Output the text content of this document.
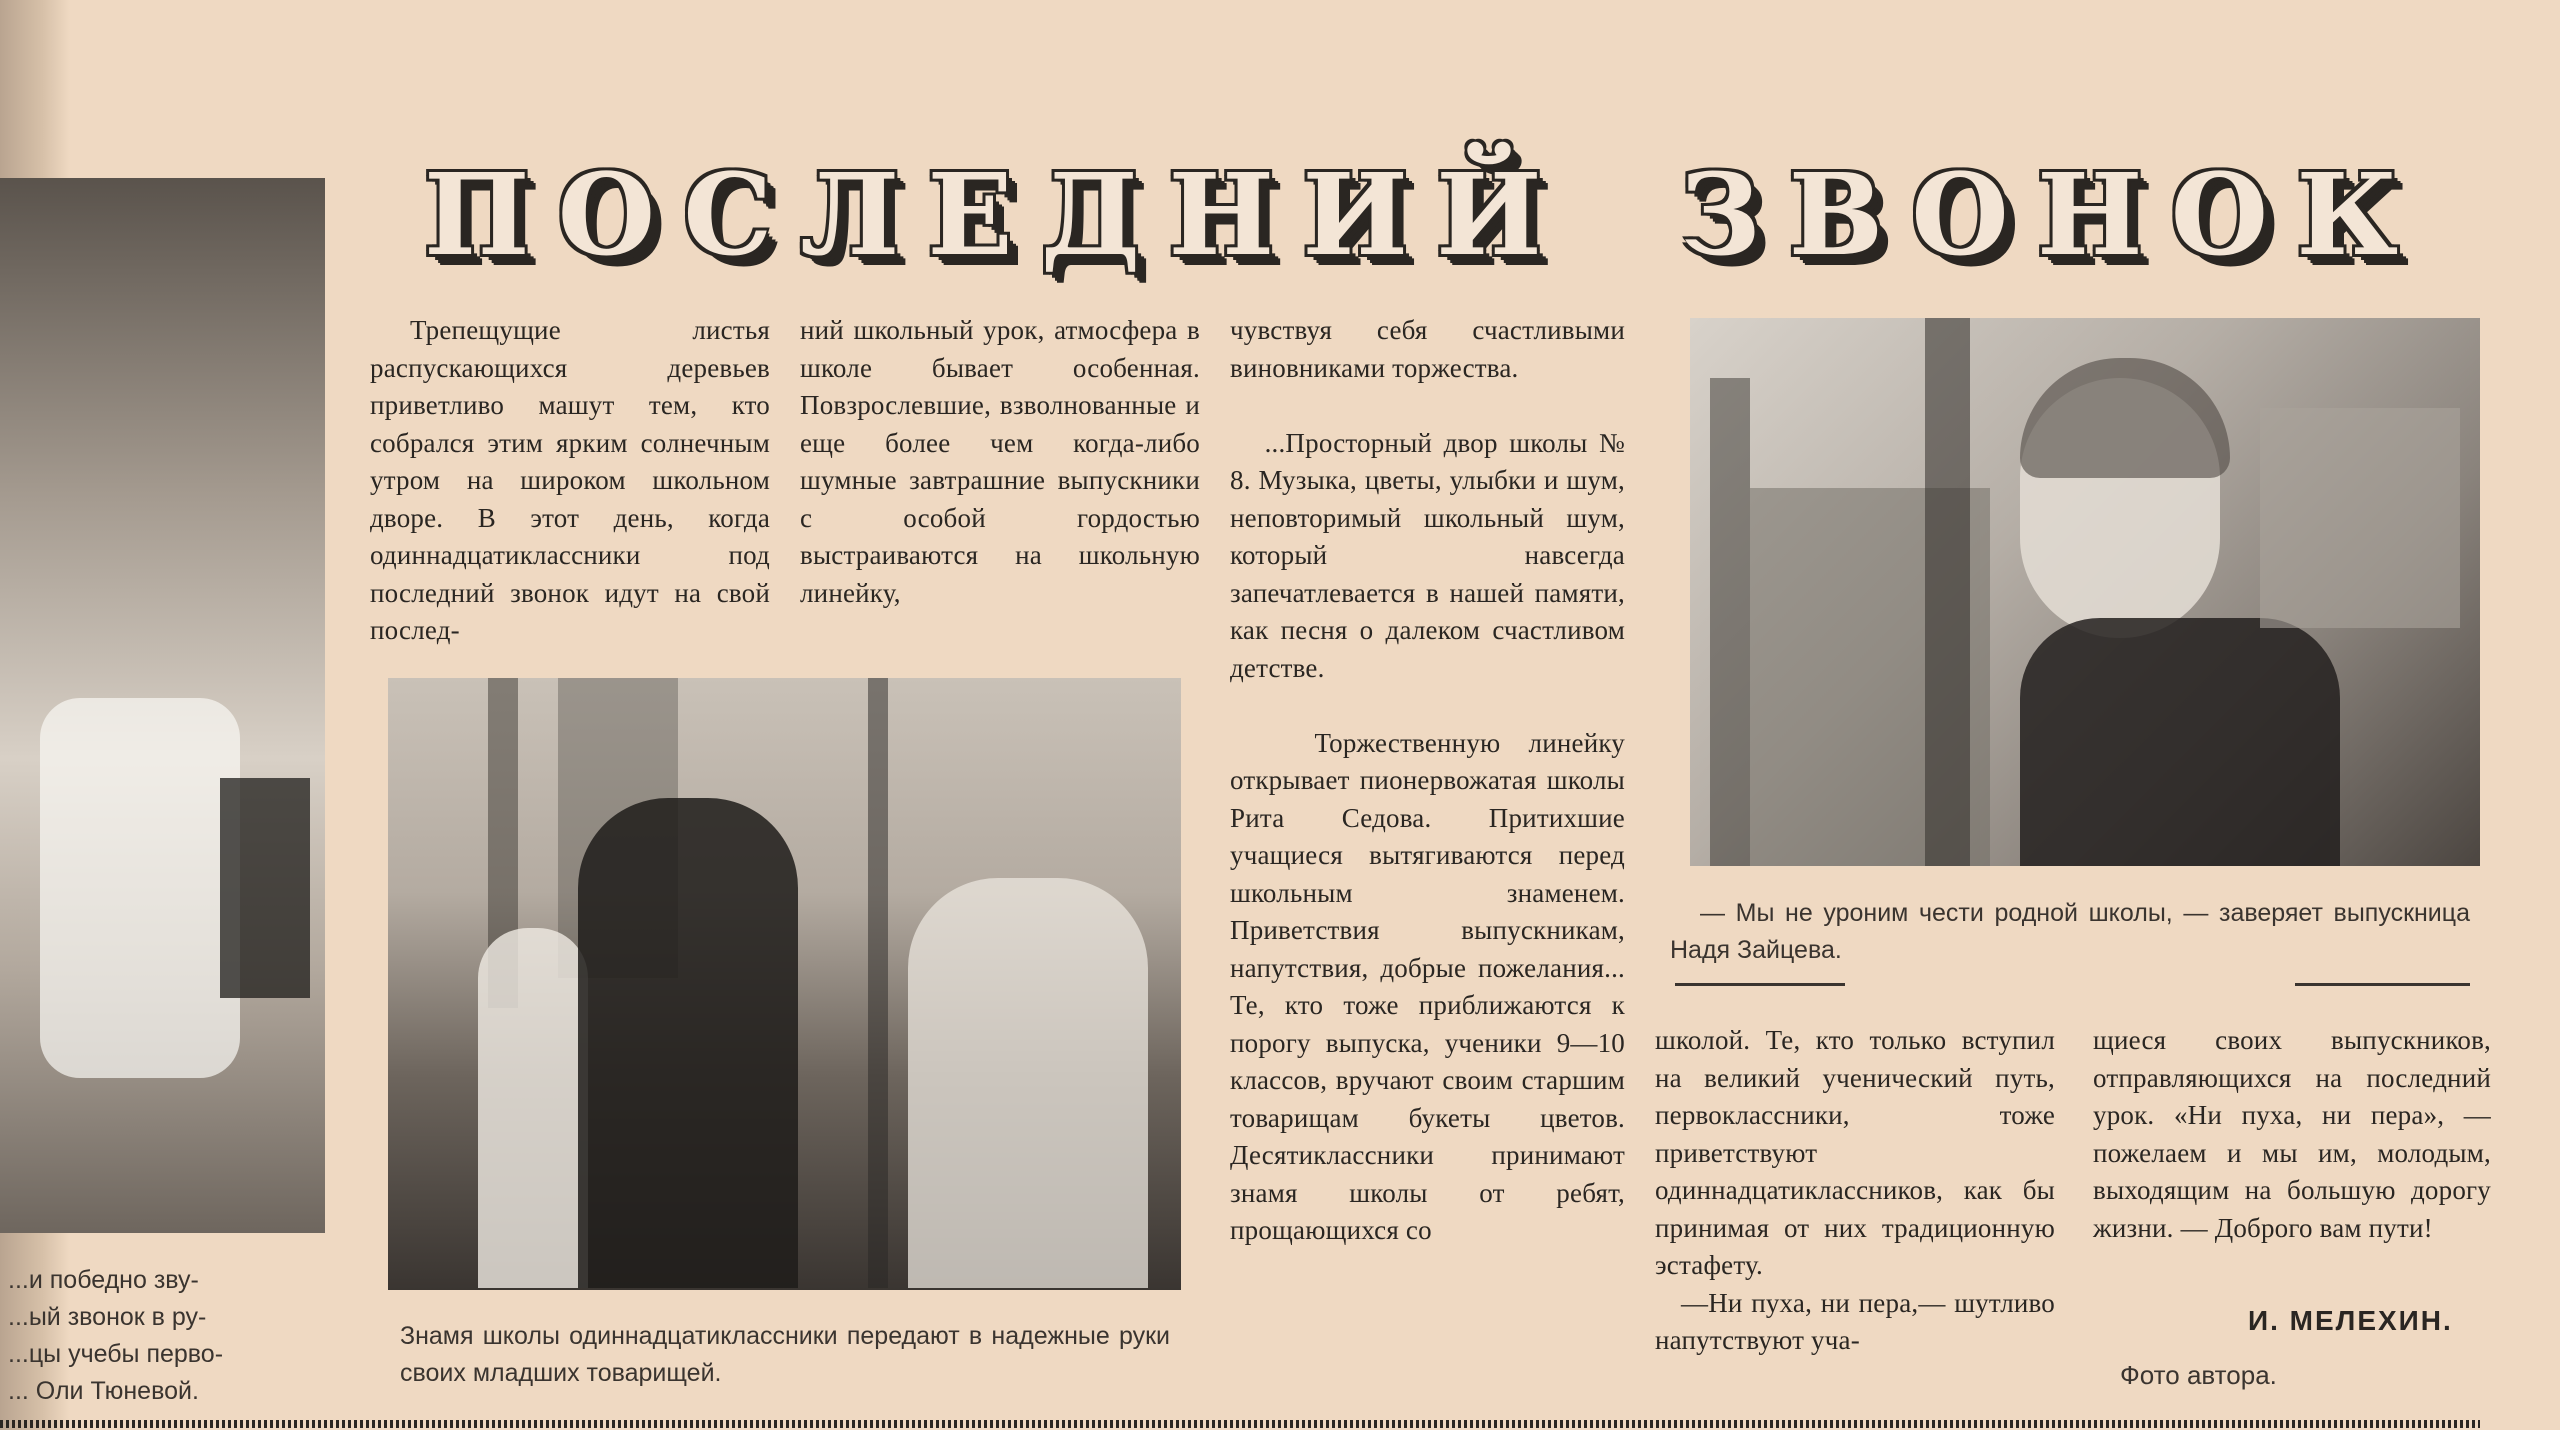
...и победно зву-
...ый звонок в ру-
...цы учебы перво-
... Оли Тюневой.
ПОСЛЕДНИЙ ЗВОНОК
Трепещущие листья распускающихся деревьев приветливо машут тем, кто собрался этим ярким солнечным утром на широком школьном дворе. В этот день, когда одиннадцатиклассники под последний звонок идут на свой послед-
ний школьный урок, атмосфера в школе бывает особенная. Повзрослевшие, взволнованные и еще более чем когда-либо шумные завтрашние выпускники с особой гордостью выстраиваются на школьную линейку,
чувствуя себя счастливыми виновниками торжества.

...Просторный двор школы № 8. Музыка, цветы, улыбки и шум, неповторимый школьный шум, который навсегда запечатлевается в нашей памяти, как песня о далеком счастливом детстве.

Торжественную линейку открывает пионервожатая школы Рита Седова. Притихшие учащиеся вытягиваются перед школьным знаменем. Приветствия выпускникам, напутствия, добрые пожелания... Те, кто тоже приближаются к порогу выпуска, ученики 9—10 классов, вручают своим старшим товарищам букеты цветов. Десятиклассники принимают знамя школы от ребят, прощающихся со
школой. Те, кто только вступил на великий ученический путь, первоклассники, тоже приветствуют одиннадцатиклассников, как бы принимая от них традиционную эстафету.
—Ни пуха, ни пера,— шутливо напутствуют уча-
щиеся своих выпускников, отправляющихся на последний урок. «Ни пуха, ни пера», — пожелаем и мы им, молодым, выходящим на большую дорогу жизни. — Доброго вам пути!
Знамя школы одиннадцатиклассники передают в надежные руки своих младших товарищей.
— Мы не уроним чести родной школы, — заверяет выпускница Надя Зайцева.
И. МЕЛЕХИН.
Фото автора.
